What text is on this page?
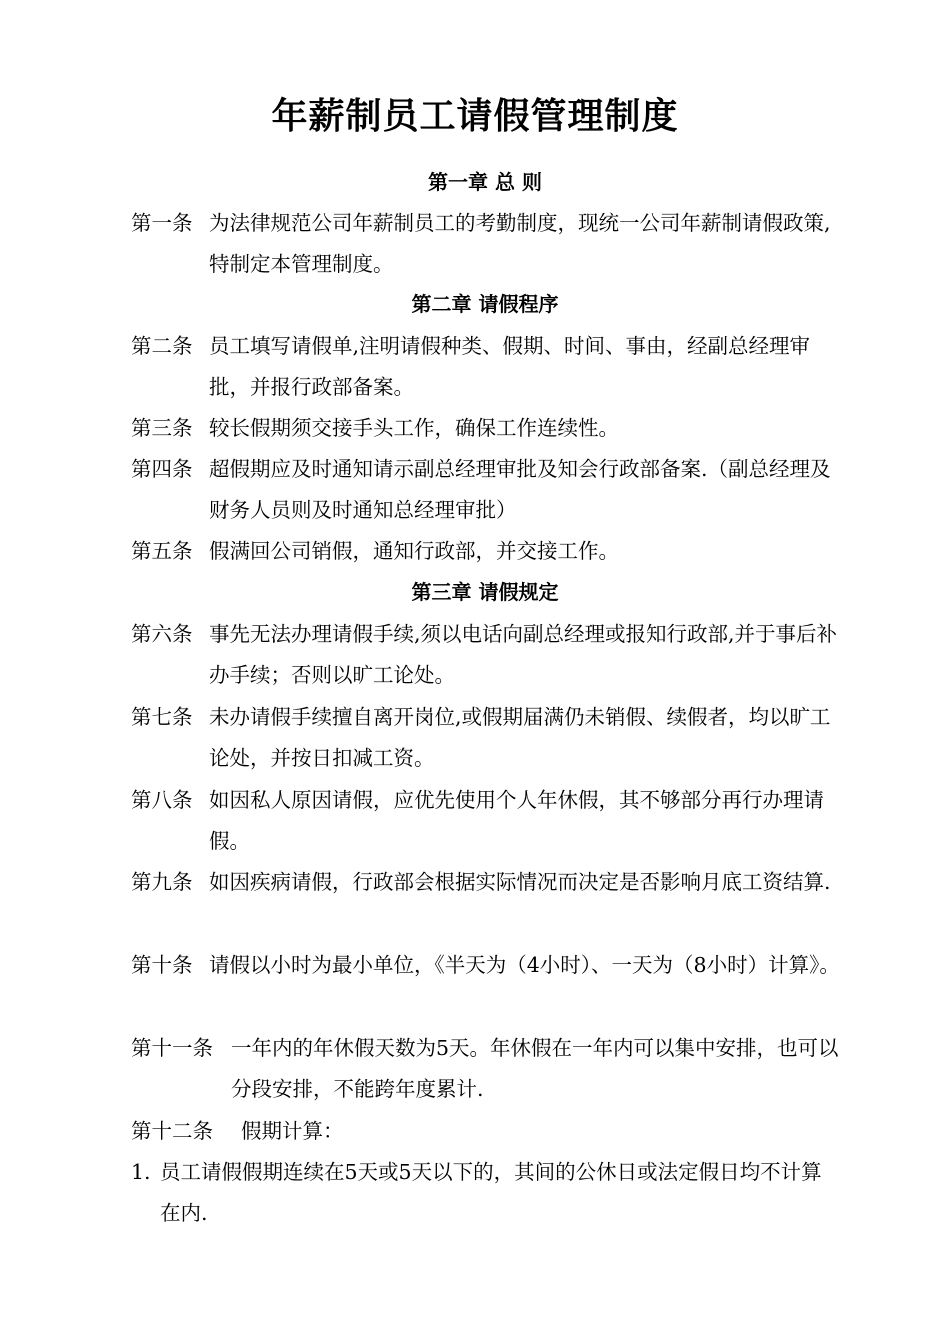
年薪制员工请假管理制度
第一章 总 则
第一条 为法律规范公司年薪制员工的考勤制度，现统一公司年薪制请假政策,特制定本管理制度。
第二章 请假程序
第二条 员工填写请假单,注明请假种类、假期、时间、事由，经副总经理审批，并报行政部备案。
第三条 较长假期须交接手头工作，确保工作连续性。
第四条 超假期应及时通知请示副总经理审批及知会行政部备案.（副总经理及财务人员则及时通知总经理审批）
第五条 假满回公司销假，通知行政部，并交接工作。
第三章 请假规定
第六条 事先无法办理请假手续,须以电话向副总经理或报知行政部,并于事后补办手续；否则以旷工论处。
第七条 未办请假手续擅自离开岗位,或假期届满仍未销假、续假者，均以旷工论处，并按日扣减工资。
第八条 如因私人原因请假，应优先使用个人年休假，其不够部分再行办理请假。
第九条 如因疾病请假，行政部会根据实际情况而决定是否影响月底工资结算.
第十条 请假以小时为最小单位，《半天为（4小时）、一天为（8小时）计算》。
第十一条 一年内的年休假天数为5天。年休假在一年内可以集中安排，也可以分段安排，不能跨年度累计.
第十二条	假期计算：
1. 员工请假假期连续在5天或5天以下的，其间的公休日或法定假日均不计算在内.
